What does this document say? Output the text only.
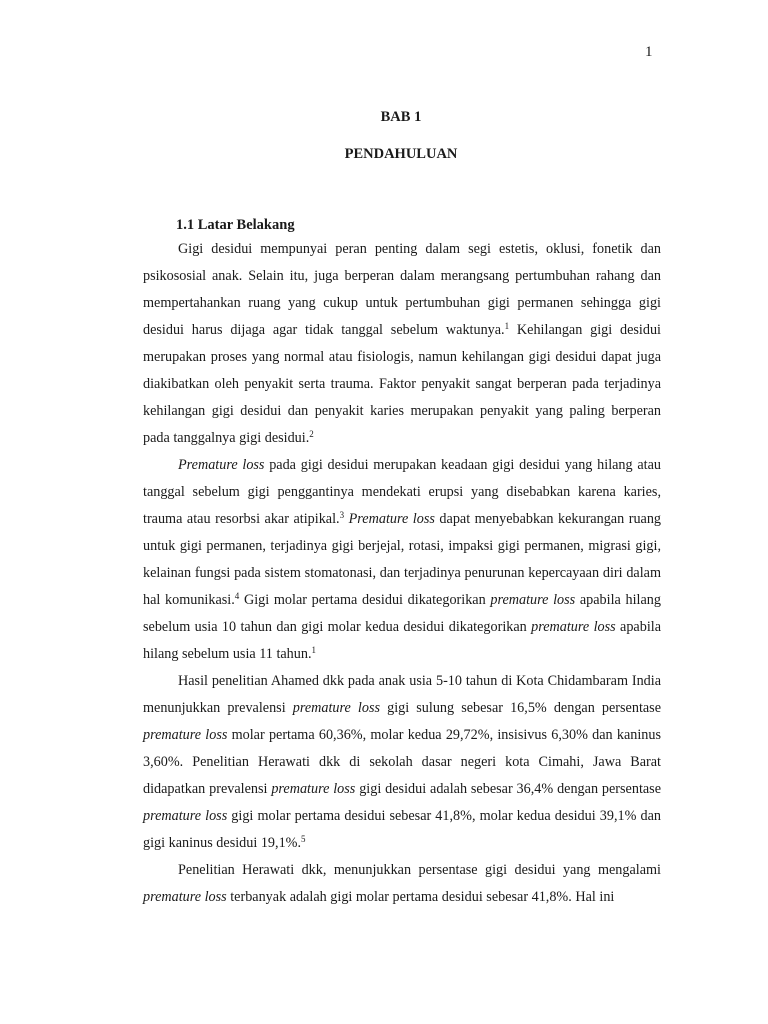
1
BAB 1
PENDAHULUAN
1.1 Latar Belakang

Gigi desidui mempunyai peran penting dalam segi estetis, oklusi, fonetik dan psikososial anak. Selain itu, juga berperan dalam merangsang pertumbuhan rahang dan mempertahankan ruang yang cukup untuk pertumbuhan gigi permanen sehingga gigi desidui harus dijaga agar tidak tanggal sebelum waktunya.$^1$ Kehilangan gigi desidui merupakan proses yang normal atau fisiologis, namun kehilangan gigi desidui dapat juga diakibatkan oleh penyakit serta trauma. Faktor penyakit sangat berperan pada terjadinya kehilangan gigi desidui dan penyakit karies merupakan penyakit yang paling berperan pada tanggalnya gigi desidui.$^2$

Premature loss pada gigi desidui merupakan keadaan gigi desidui yang hilang atau tanggal sebelum gigi penggantinya mendekati erupsi yang disebabkan karena karies, trauma atau resorbsi akar atipikal.$^3$ Premature loss dapat menyebabkan kekurangan ruang untuk gigi permanen, terjadinya gigi berjejal, rotasi, impaksi gigi permanen, migrasi gigi, kelainan fungsi pada sistem stomatonasi, dan terjadinya penurunan kepercayaan diri dalam hal komunikasi.$^4$ Gigi molar pertama desidui dikategorikan premature loss apabila hilang sebelum usia 10 tahun dan gigi molar kedua desidui dikategorikan premature loss apabila hilang sebelum usia 11 tahun.$^1$

Hasil penelitian Ahamed dkk pada anak usia 5-10 tahun di Kota Chidambaram India menunjukkan prevalensi premature loss gigi sulung sebesar 16,5% dengan persentase premature loss molar pertama 60,36%, molar kedua 29,72%, insisivus 6,30% dan kaninus 3,60%. Penelitian Herawati dkk di sekolah dasar negeri kota Cimahi, Jawa Barat didapatkan prevalensi premature loss gigi desidui adalah sebesar 36,4% dengan persentase premature loss gigi molar pertama desidui sebesar 41,8%, molar kedua desidui 39,1% dan gigi kaninus desidui 19,1%.$^5$

Penelitian Herawati dkk, menunjukkan persentase gigi desidui yang mengalami premature loss terbanyak adalah gigi molar pertama desidui sebesar 41,8%. Hal ini
